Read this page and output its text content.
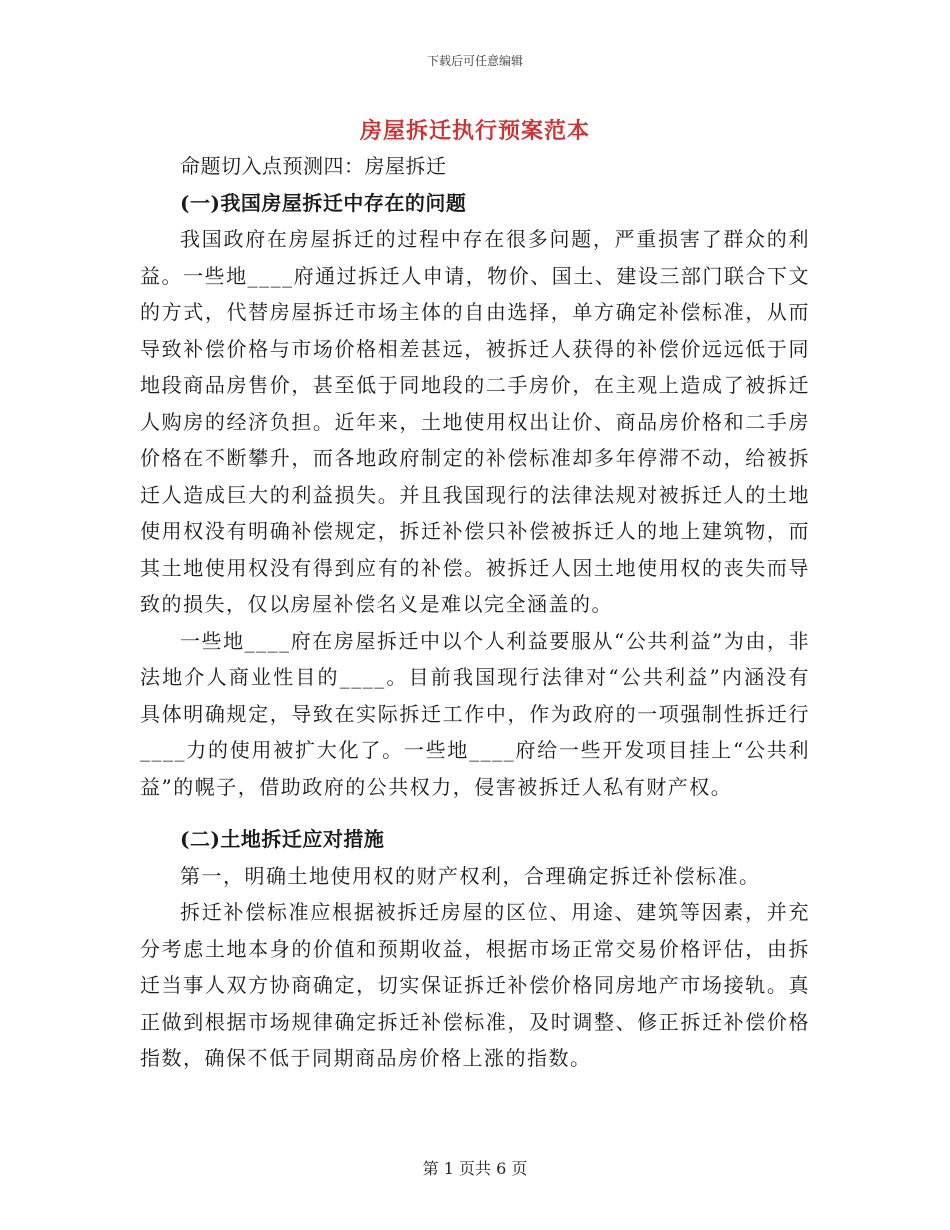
下载后可任意编辑
房屋拆迁执行预案范本

命题切入点预测四：房屋拆迁

(一)我国房屋拆迁中存在的问题

我国政府在房屋拆迁的过程中存在很多问题，严重损害了群众的利益。一些地____府通过拆迁人申请，物价、国土、建设三部门联合下文的方式，代替房屋拆迁市场主体的自由选择，单方确定补偿标准，从而导致补偿价格与市场价格相差甚远，被拆迁人获得的补偿价远远低于同地段商品房售价，甚至低于同地段的二手房价，在主观上造成了被拆迁人购房的经济负担。近年来，土地使用权出让价、商品房价格和二手房价格在不断攀升，而各地政府制定的补偿标准却多年停滞不动，给被拆迁人造成巨大的利益损失。并且我国现行的法律法规对被拆迁人的土地使用权没有明确补偿规定，拆迁补偿只补偿被拆迁人的地上建筑物，而其土地使用权没有得到应有的补偿。被拆迁人因土地使用权的丧失而导致的损失，仅以房屋补偿名义是难以完全涵盖的。

一些地____府在房屋拆迁中以个人利益要服从“公共利益”为由，非法地介人商业性目的____。目前我国现行法律对“公共利益”内涵没有具体明确规定，导致在实际拆迁工作中，作为政府的一项强制性拆迁行____力的使用被扩大化了。一些地____府给一些开发项目挂上“公共利益”的幌子，借助政府的公共权力，侵害被拆迁人私有财产权。

(二)土地拆迁应对措施

第一，明确土地使用权的财产权利，合理确定拆迁补偿标准。

拆迁补偿标准应根据被拆迁房屋的区位、用途、建筑等因素，并充分考虑土地本身的价值和预期收益，根据市场正常交易价格评估，由拆迁当事人双方协商确定，切实保证拆迁补偿价格同房地产市场接轨。真正做到根据市场规律确定拆迁补偿标准，及时调整、修正拆迁补偿价格指数，确保不低于同期商品房价格上涨的指数。

第 1 页共 6 页
